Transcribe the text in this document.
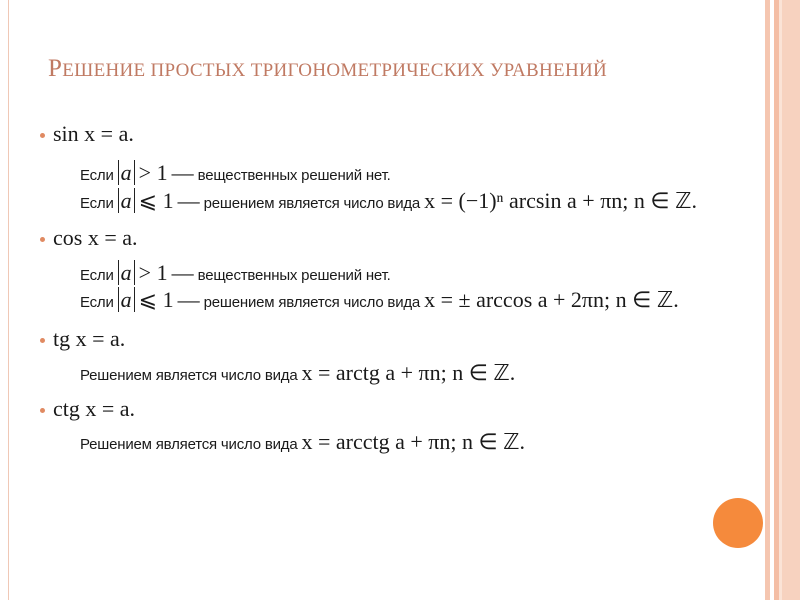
РЕШЕНИЕ ПРОСТЫХ ТРИГОНОМЕТРИЧЕСКИХ УРАВНЕНИЙ
sin x = a.
Если a > 1 — вещественных решений нет.
Если a ⩽ 1 — решением является число вида x = (−1)ⁿ arcsin a + πn; n ∈ ℤ.
cos x = a.
Если a > 1 — вещественных решений нет.
Если a ⩽ 1 — решением является число вида x = ± arccos a + 2πn; n ∈ ℤ.
tg x = a.
Решением является число вида x = arctg a + πn; n ∈ ℤ.
ctg x = a.
Решением является число вида x = arcctg a + πn; n ∈ ℤ.
